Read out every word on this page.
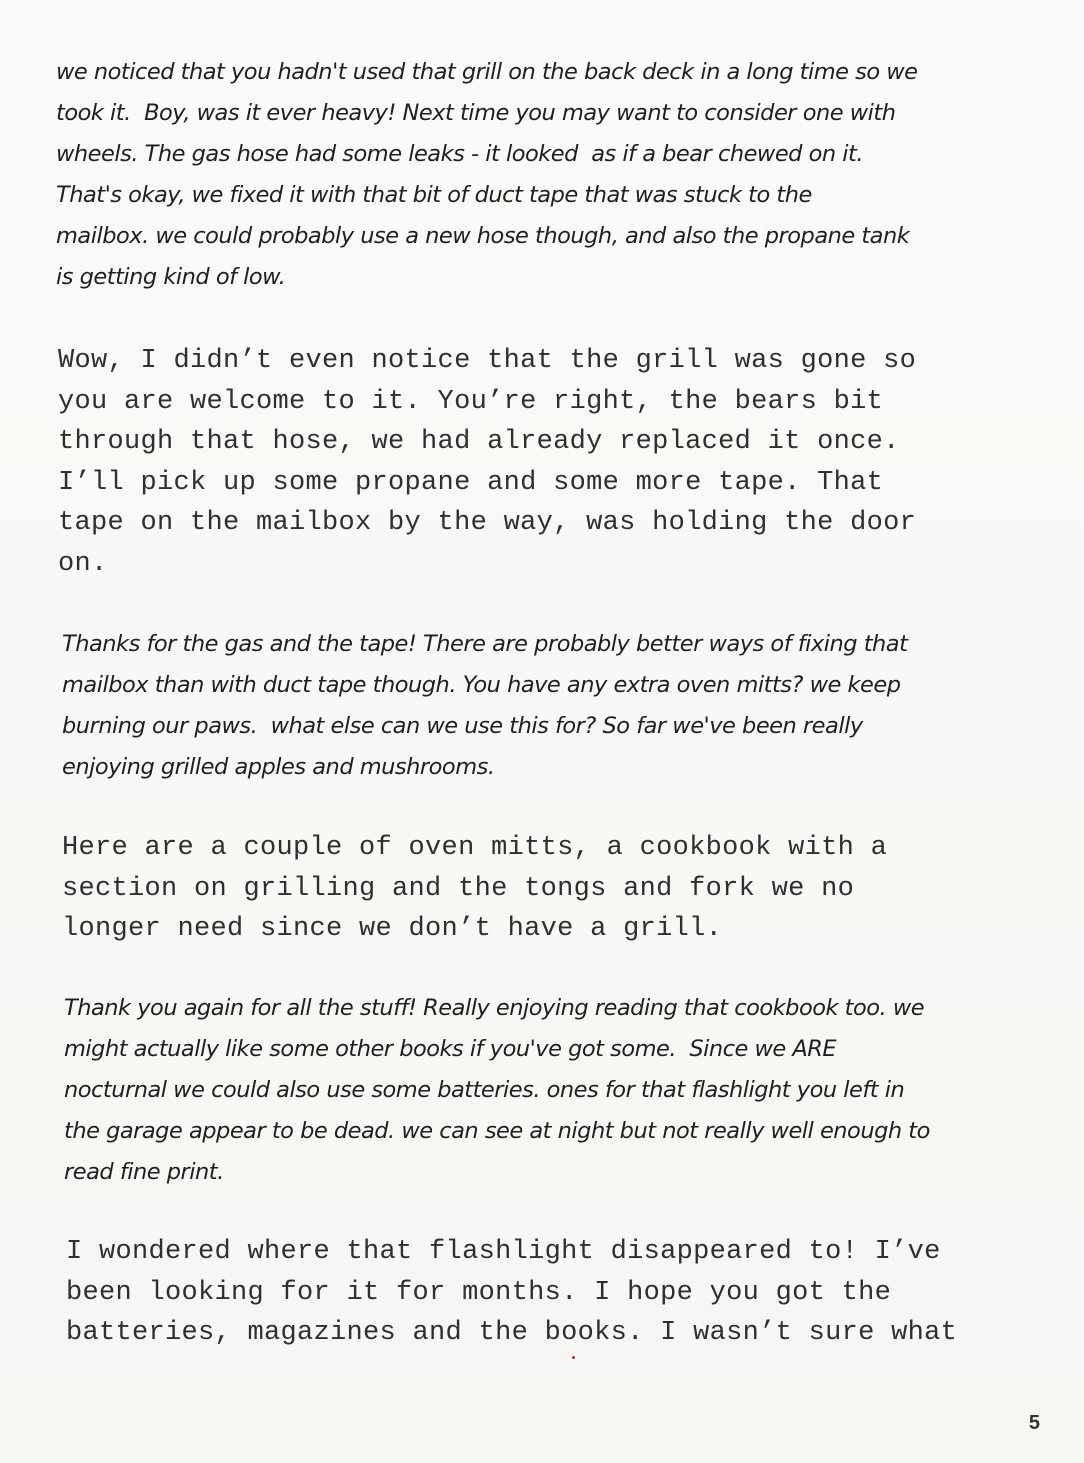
we noticed that you hadn't used that grill on the back deck in a long time so we
took it.  Boy, was it ever heavy! Next time you may want to consider one with
wheels. The gas hose had some leaks - it looked  as if a bear chewed on it.
That's okay, we fixed it with that bit of duct tape that was stuck to the
mailbox. we could probably use a new hose though, and also the propane tank
is getting kind of low.
Wow, I didn’t even notice that the grill was gone so
you are welcome to it. You’re right, the bears bit
through that hose, we had already replaced it once.
I’ll pick up some propane and some more tape. That
tape on the mailbox by the way, was holding the door
on.
Thanks for the gas and the tape! There are probably better ways of fixing that
mailbox than with duct tape though. You have any extra oven mitts? we keep
burning our paws.  what else can we use this for? So far we've been really
enjoying grilled apples and mushrooms.
Here are a couple of oven mitts, a cookbook with a
section on grilling and the tongs and fork we no
longer need since we don’t have a grill.
Thank you again for all the stuff! Really enjoying reading that cookbook too. we
might actually like some other books if you've got some.  Since we ARE
nocturnal we could also use some batteries. ones for that flashlight you left in
the garage appear to be dead. we can see at night but not really well enough to
read fine print.
I wondered where that flashlight disappeared to! I’ve
been looking for it for months. I hope you got the
batteries, magazines and the books. I wasn’t sure what
5
